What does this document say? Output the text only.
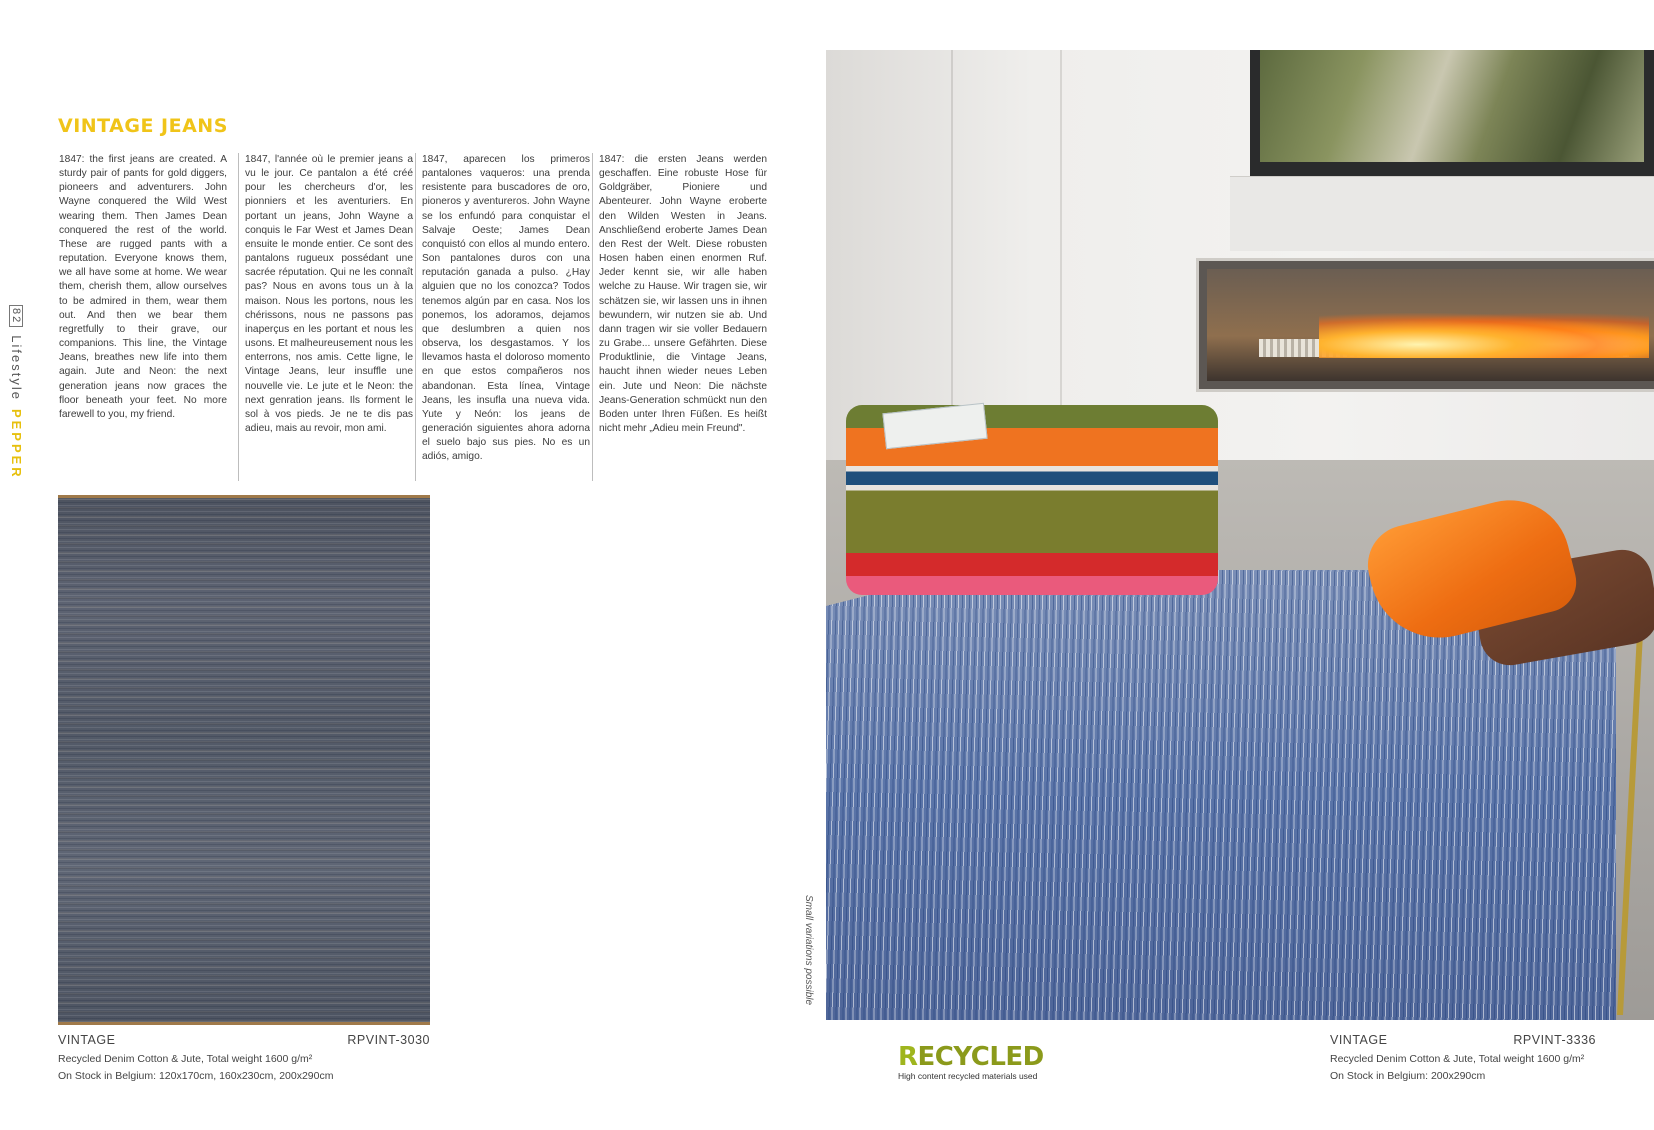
82
Lifestyle
PEPPER
VINTAGE JEANS
1847: the first jeans are created. A sturdy pair of pants for gold diggers, pioneers and adventurers. John Wayne conquered the Wild West wearing them. Then James Dean conquered the rest of the world. These are rugged pants with a reputation. Everyone knows them, we all have some at home. We wear them, cherish them, allow ourselves to be admired in them, wear them out. And then we bear them regretfully to their grave, our companions. This line, the Vintage Jeans, breathes new life into them again. Jute and Neon: the next generation jeans now graces the floor beneath your feet. No more farewell to you, my friend.
1847, l'année où le premier jeans a vu le jour. Ce pantalon a été créé pour les chercheurs d'or, les pionniers et les aventuriers. En portant un jeans, John Wayne a conquis le Far West et James Dean ensuite le monde entier. Ce sont des pantalons rugueux possédant une sacrée réputation. Qui ne les connaît pas? Nous en avons tous un à la maison. Nous les portons, nous les chérissons, nous ne passons pas inaperçus en les portant et nous les usons. Et malheureusement nous les enterrons, nos amis. Cette ligne, le Vintage Jeans, leur insuffle une nouvelle vie. Le jute et le Neon: the next genration jeans. Ils forment le sol à vos pieds. Je ne te dis pas adieu, mais au revoir, mon ami.
1847, aparecen los primeros pantalones vaqueros: una prenda resistente para buscadores de oro, pioneros y aventureros. John Wayne se los enfundó para conquistar el Salvaje Oeste; James Dean conquistó con ellos al mundo entero. Son pantalones duros con una reputación ganada a pulso. ¿Hay alguien que no los conozca? Todos tenemos algún par en casa. Nos los ponemos, los adoramos, dejamos que deslumbren a quien nos observa, los desgastamos. Y los llevamos hasta el doloroso momento en que estos compañeros nos abandonan. Esta línea, Vintage Jeans, les insufla una nueva vida. Yute y Neón: los jeans de generación siguientes ahora adorna el suelo bajo sus pies. No es un adiós, amigo.
1847: die ersten Jeans werden geschaffen. Eine robuste Hose für Goldgräber, Pioniere und Abenteurer. John Wayne eroberte den Wilden Westen in Jeans. Anschließend eroberte James Dean den Rest der Welt. Diese robusten Hosen haben einen enormen Ruf. Jeder kennt sie, wir alle haben welche zu Hause. Wir tragen sie, wir schätzen sie, wir lassen uns in ihnen bewundern, wir nutzen sie ab. Und dann tragen wir sie voller Bedauern zu Grabe... unsere Gefährten. Diese Produktlinie, die Vintage Jeans, haucht ihnen wieder neues Leben ein. Jute und Neon: Die nächste Jeans-Generation schmückt nun den Boden unter Ihren Füßen. Es heißt nicht mehr „Adieu mein Freund".
VINTAGE	RPVINT-3030
Recycled Denim Cotton & Jute, Total weight 1600 g/m²
On Stock in Belgium: 120x170cm, 160x230cm, 200x290cm
Small variations possible
RECYCLED
High content recycled materials used
VINTAGE	RPVINT-3336
Recycled Denim Cotton & Jute, Total weight 1600 g/m²
On Stock in Belgium: 200x290cm
